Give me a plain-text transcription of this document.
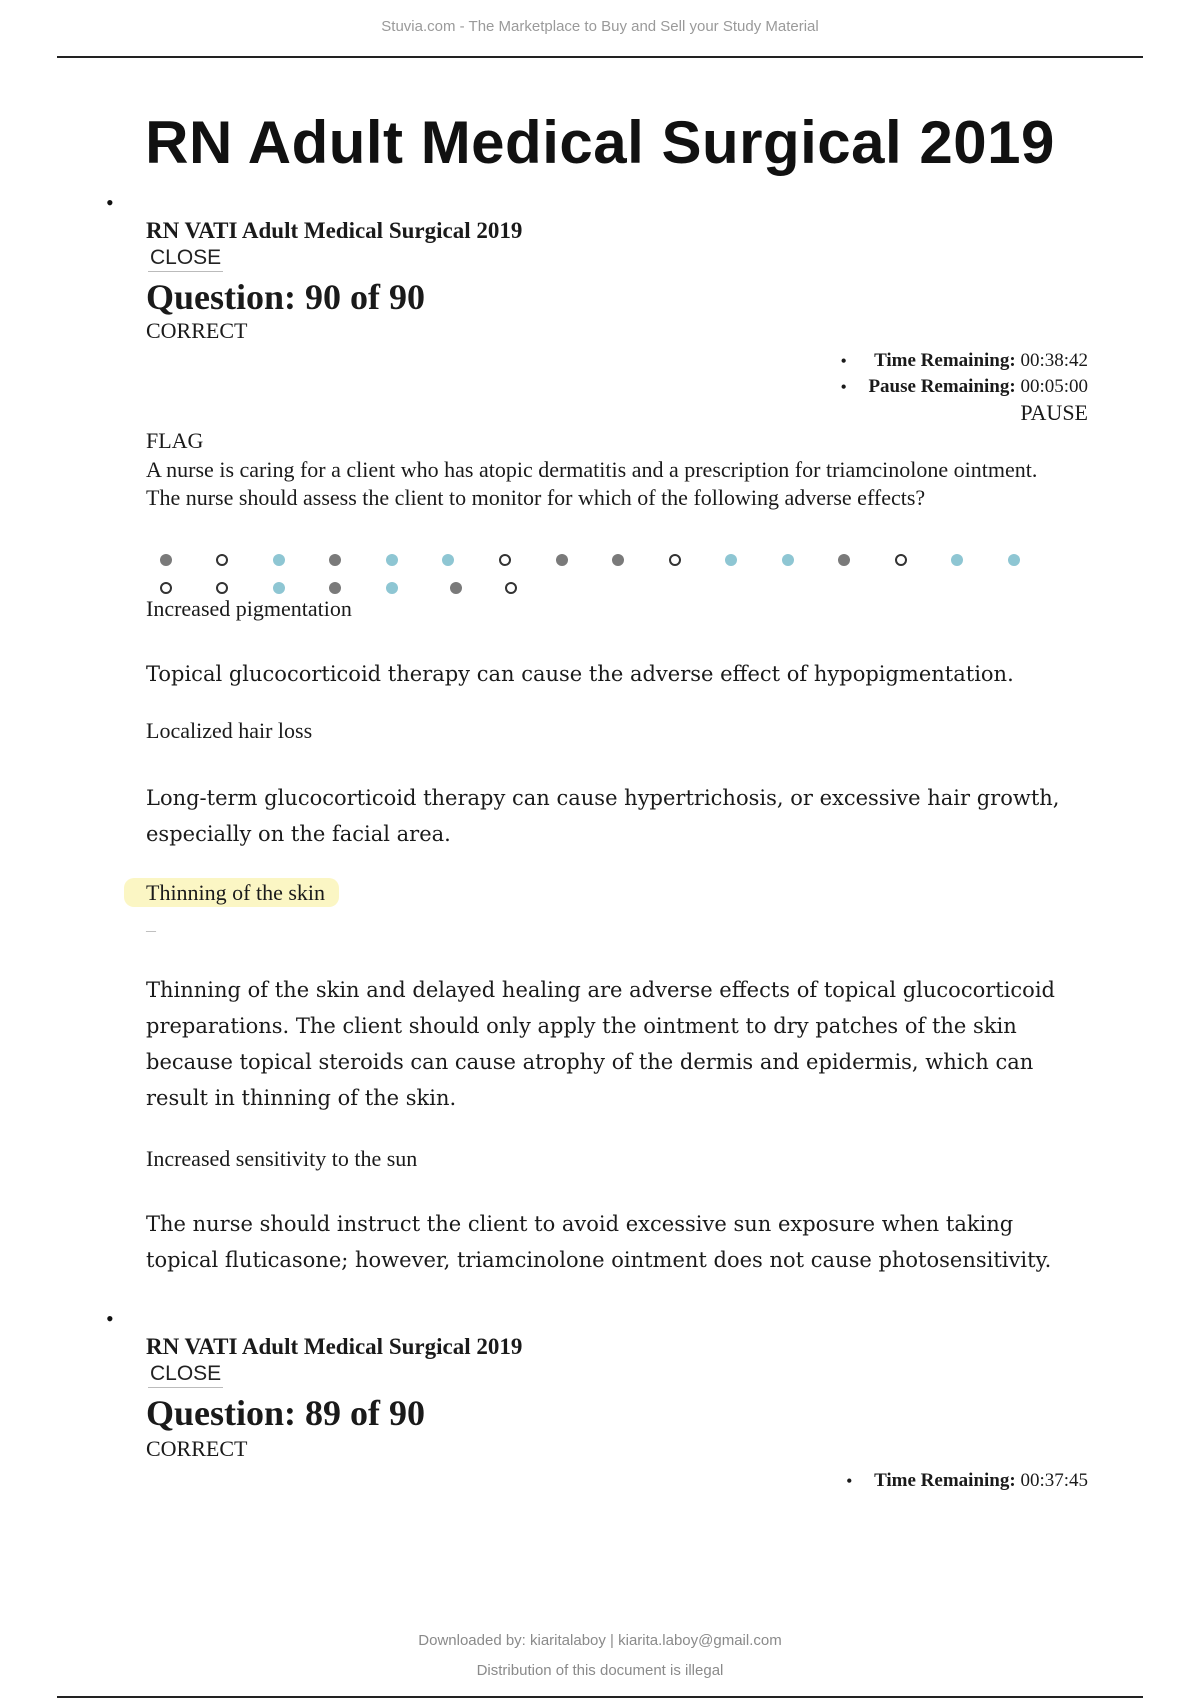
Stuvia.com - The Marketplace to Buy and Sell your Study Material
RN Adult Medical Surgical 2019
•
RN VATI Adult Medical Surgical 2019
CLOSE
Question: 90 of 90
CORRECT
• Time Remaining: 00:38:42
• Pause Remaining: 00:05:00
PAUSE
FLAG
A nurse is caring for a client who has atopic dermatitis and a prescription for triamcinolone ointment. The nurse should assess the client to monitor for which of the following adverse effects?
Increased pigmentation
Topical glucocorticoid therapy can cause the adverse effect of hypopigmentation.
Localized hair loss
Long-term glucocorticoid therapy can cause hypertrichosis, or excessive hair growth, especially on the facial area.
Thinning of the skin
—
Thinning of the skin and delayed healing are adverse effects of topical glucocorticoid preparations. The client should only apply the ointment to dry patches of the skin because topical steroids can cause atrophy of the dermis and epidermis, which can result in thinning of the skin.
Increased sensitivity to the sun
The nurse should instruct the client to avoid excessive sun exposure when taking topical fluticasone; however, triamcinolone ointment does not cause photosensitivity.
•
RN VATI Adult Medical Surgical 2019
CLOSE
Question: 89 of 90
CORRECT
• Time Remaining: 00:37:45
Downloaded by: kiaritalaboy | kiarita.laboy@gmail.com
Distribution of this document is illegal
